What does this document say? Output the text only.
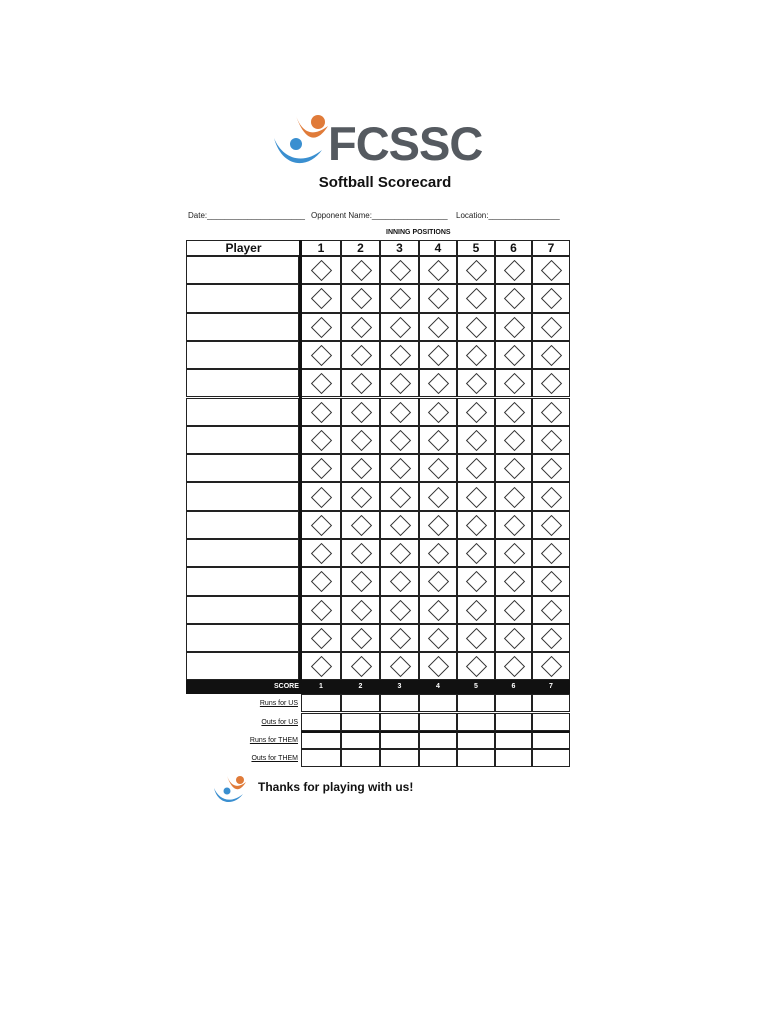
FCSSC
Softball Scorecard
Date:______________________ Opponent Name:_________________ Location:________________
INNING POSITIONS
Player	1	2	3	4	5	6	7
SCORE	1	2	3	4	5	6	7
Runs for US
Outs for US
Runs for THEM
Outs for THEM
Thanks for playing with us!
